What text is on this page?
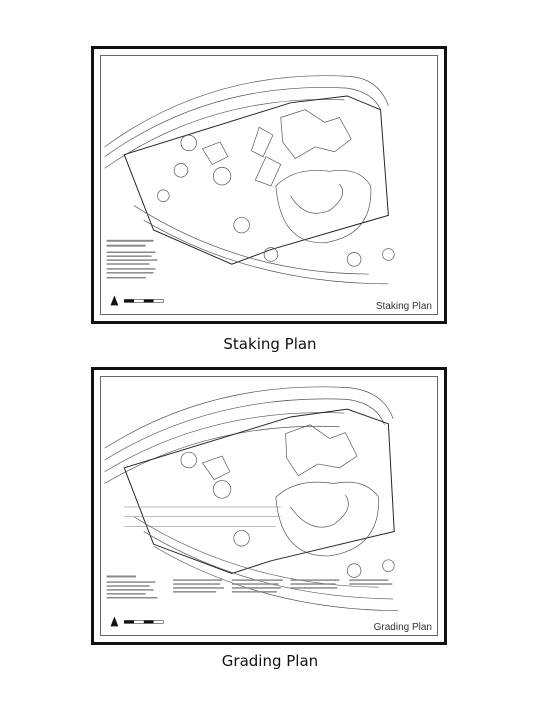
Staking Plan
Staking Plan
Grading Plan
Grading Plan
